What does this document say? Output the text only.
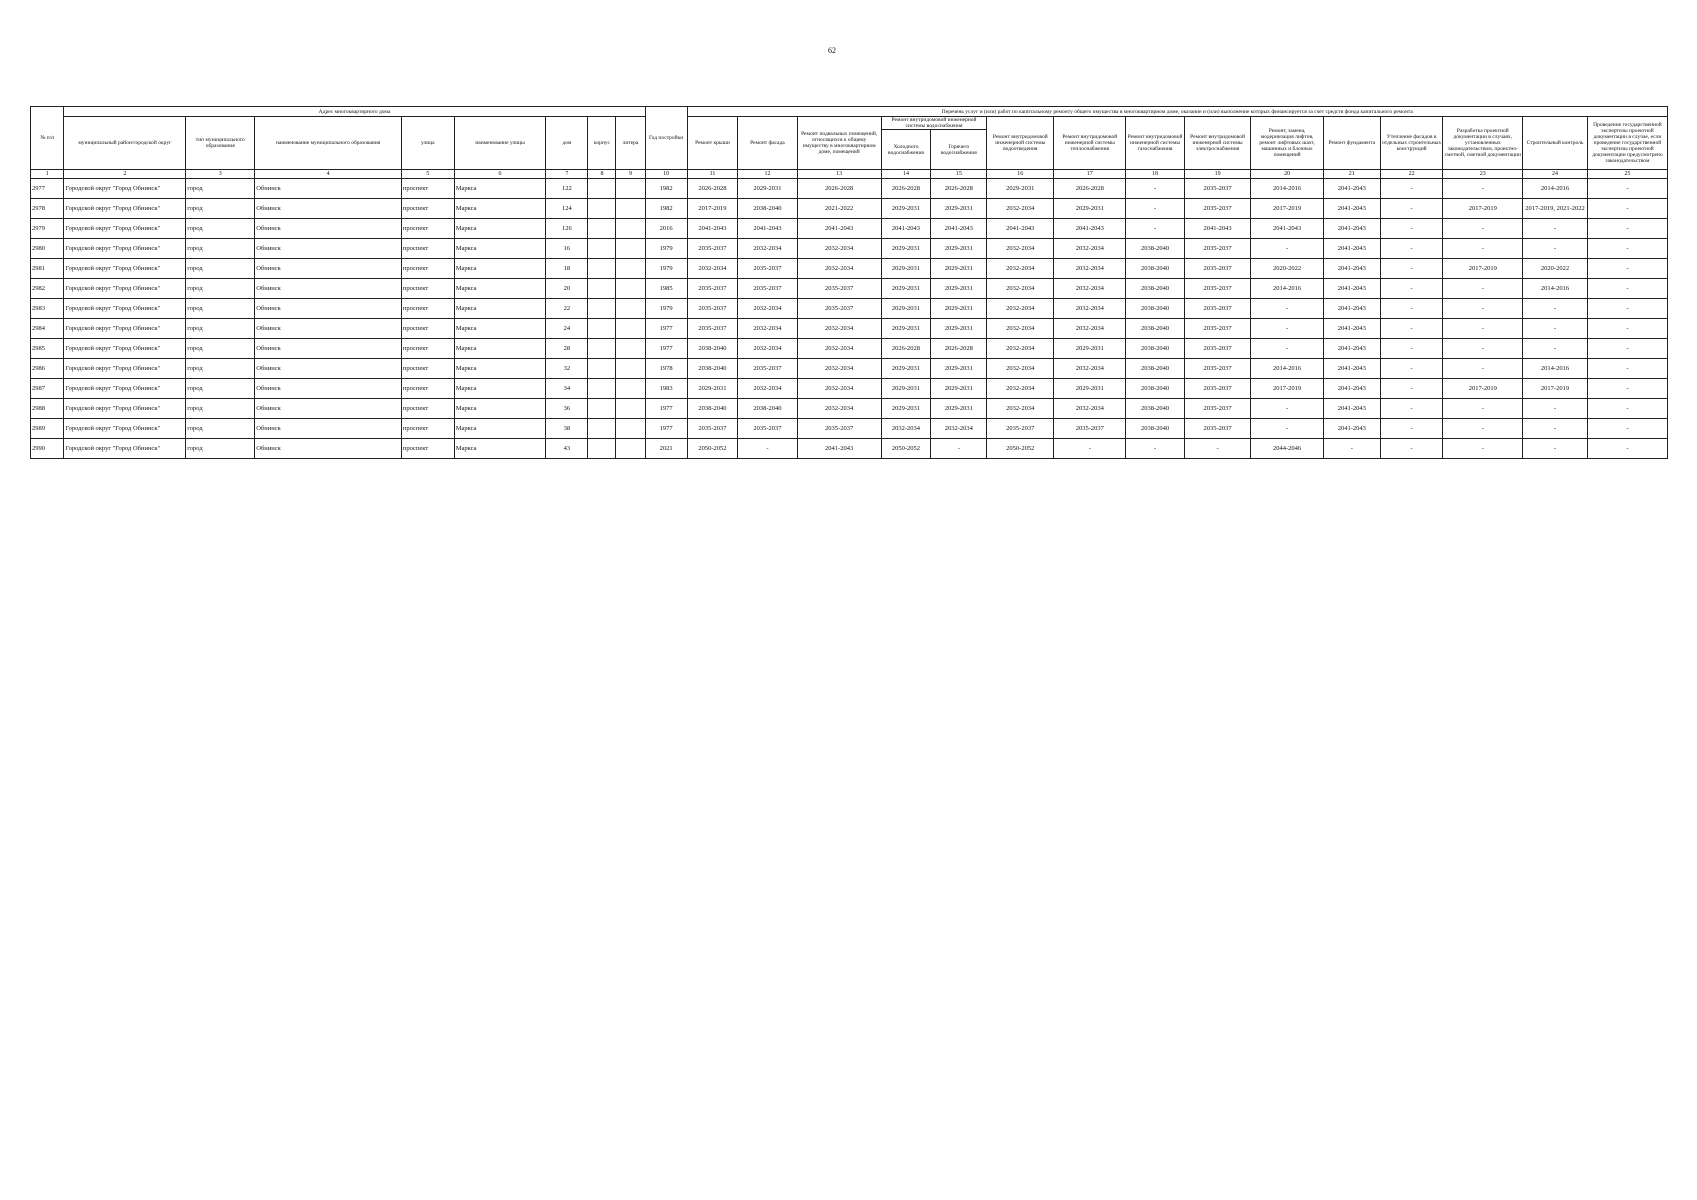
62
№ п/п	Адрес многоквартирного дома								Год постройки	Перечень услуг и (или) работ по капитальному ремонту общего имущества в многоквартирном доме, оказание и (или) выполнение которых финансируется за счет средств фонда капитального ремонта														
	муниципальный район/городской округ	тип муниципального образования	наименование муниципального образования	улица	наименование улицы	дом	корпус	литера		Ремонт крыши	Ремонт фасада	Ремонт подвальных помещений, относящихся к общему имуществу в многоквартирном доме, помещений	Ремонт внутридомовой инженерной системы водоснабжения		Ремонт внутридомовой инженерной системы водоотведения	Ремонт внутридомовой инженерной системы теплоснабжения	Ремонт внутридомовой инженерной системы газоснабжения	Ремонт внутридомовой инженерной системы электроснабжения	Ремонт, замена, модернизация лифтов, ремонт лифтовых шахт, машинных и блочных помещений	Ремонт фундамента	Утепление фасадов в отдельных строительных конструкций	Разработка проектной документации в случаях, установленных законодательством, проектно-сметной, сметной документации	Строительный контроль	Проведение государственной экспертизы проектной документации в случае, если проведение государственной экспертизы проектной документации предусмотрено законодательством
													Холодного водоснабжения	Горячего водоснабжения										
1	2	3	4	5	6	7	8	9	10	11	12	13	14	15	16	17	18	19	20	21	22	23	24	25
2977	Городской округ "Город Обнинск"	город	Обнинск	проспект	Маркса	122			1982	2026-2028	2029-2031	2026-2028	2026-2028	2026-2028	2029-2031	2026-2028	-	2035-2037	2014-2016	2041-2043	-	-	2014-2016	-
2978	Городской округ "Город Обнинск"	город	Обнинск	проспект	Маркса	124			1982	2017-2019	2038-2040	2021-2022	2029-2031	2029-2031	2032-2034	2029-2031	-	2035-2037	2017-2019	2041-2043	-	2017-2019	2017-2019, 2021-2022	-
2979	Городской округ "Город Обнинск"	город	Обнинск	проспект	Маркса	126			2016	2041-2043	2041-2043	2041-2043	2041-2043	2041-2043	2041-2043	2041-2043	-	2041-2043	2041-2043	2041-2043	-	-	-	-
2980	Городской округ "Город Обнинск"	город	Обнинск	проспект	Маркса	16			1979	2035-2037	2032-2034	2032-2034	2029-2031	2029-2031	2032-2034	2032-2034	2038-2040	2035-2037	-	2041-2043	-	-	-	-
2981	Городской округ "Город Обнинск"	город	Обнинск	проспект	Маркса	18			1979	2032-2034	2035-2037	2032-2034	2029-2031	2029-2031	2032-2034	2032-2034	2038-2040	2035-2037	2020-2022	2041-2043	-	2017-2019	2020-2022	-
2982	Городской округ "Город Обнинск"	город	Обнинск	проспект	Маркса	20			1985	2035-2037	2035-2037	2035-2037	2029-2031	2029-2031	2032-2034	2032-2034	2038-2040	2035-2037	2014-2016	2041-2043	-	-	2014-2016	-
2983	Городской округ "Город Обнинск"	город	Обнинск	проспект	Маркса	22			1979	2035-2037	2032-2034	2035-2037	2029-2031	2029-2031	2032-2034	2032-2034	2038-2040	2035-2037	-	2041-2043	-	-	-	-
2984	Городской округ "Город Обнинск"	город	Обнинск	проспект	Маркса	24			1977	2035-2037	2032-2034	2032-2034	2029-2031	2029-2031	2032-2034	2032-2034	2038-2040	2035-2037	-	2041-2043	-	-	-	-
2985	Городской округ "Город Обнинск"	город	Обнинск	проспект	Маркса	28			1977	2038-2040	2032-2034	2032-2034	2026-2028	2026-2028	2032-2034	2029-2031	2038-2040	2035-2037	-	2041-2043	-	-	-	-
2986	Городской округ "Город Обнинск"	город	Обнинск	проспект	Маркса	32			1978	2038-2040	2035-2037	2032-2034	2029-2031	2029-2031	2032-2034	2032-2034	2038-2040	2035-2037	2014-2016	2041-2043	-	-	2014-2016	-
2987	Городской округ "Город Обнинск"	город	Обнинск	проспект	Маркса	34			1983	2029-2031	2032-2034	2032-2034	2029-2031	2029-2031	2032-2034	2029-2031	2038-2040	2035-2037	2017-2019	2041-2043	-	2017-2019	2017-2019	-
2988	Городской округ "Город Обнинск"	город	Обнинск	проспект	Маркса	36			1977	2038-2040	2038-2040	2032-2034	2029-2031	2029-2031	2032-2034	2032-2034	2038-2040	2035-2037	-	2041-2043	-	-	-	-
2989	Городской округ "Город Обнинск"	город	Обнинск	проспект	Маркса	38			1977	2035-2037	2035-2037	2035-2037	2032-2034	2032-2034	2035-2037	2035-2037	2038-2040	2035-2037	-	2041-2043	-	-	-	-
2990	Городской округ "Город Обнинск"	город	Обнинск	проспект	Маркса	43			2021	2050-2052	-	2041-2043	2050-2052	-	2050-2052	-	-	-	2044-2046	-	-	-	-	-
